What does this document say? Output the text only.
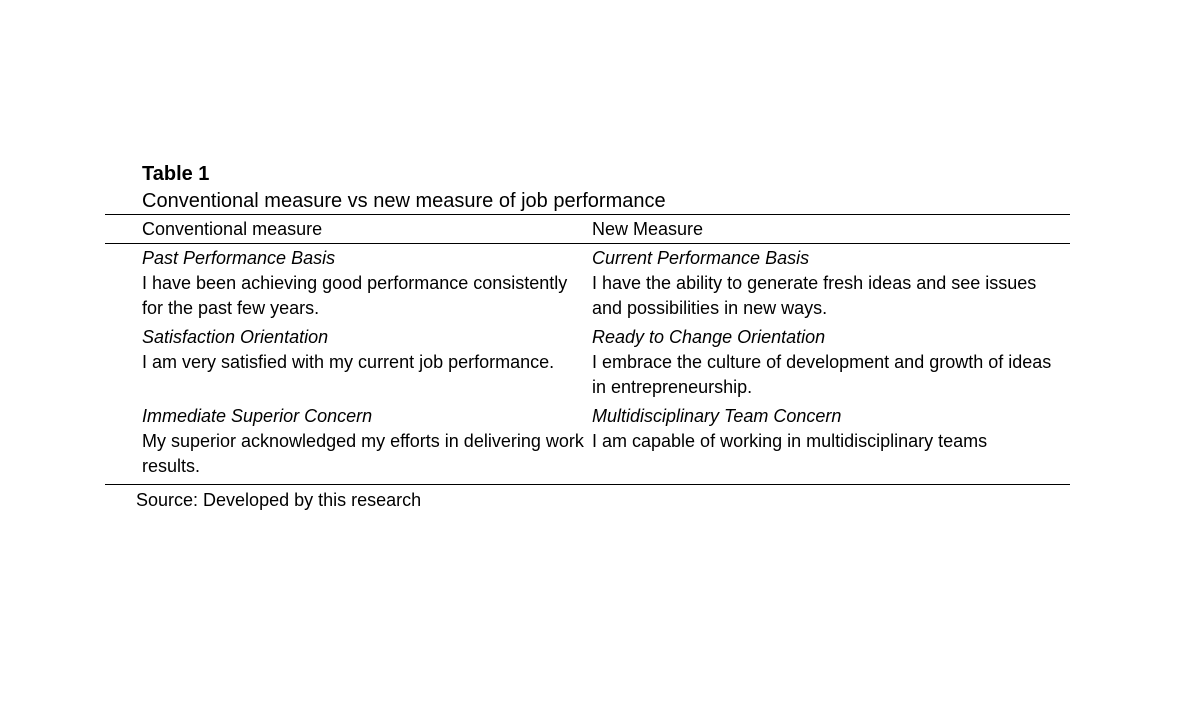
Table 1
Conventional measure vs new measure of job performance
Conventional measure	New Measure
Past Performance Basis
I have been achieving good performance consistently for the past few years.
Current Performance Basis
I have the ability to generate fresh ideas and see issues and possibilities in new ways.
Satisfaction Orientation
I am very satisfied with my current job performance.
Ready to Change Orientation
I embrace the culture of development and growth of ideas in entrepreneurship.
Immediate Superior Concern
My superior acknowledged my efforts in delivering work results.
Multidisciplinary Team Concern
I am capable of working in multidisciplinary teams
Source: Developed by this research
